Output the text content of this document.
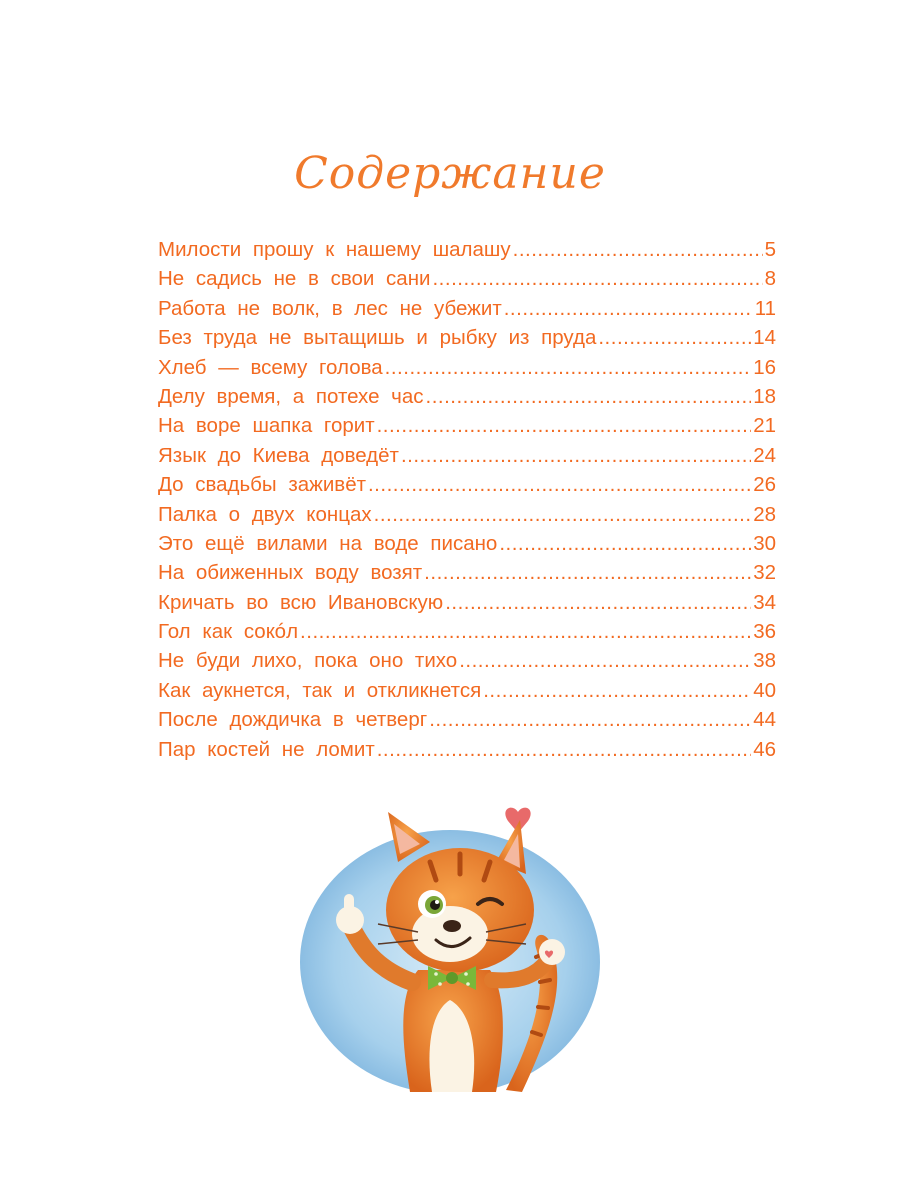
Содержание
Милости прошу к нашему шалашу .....	5
Не садись не в свои сани .....	8
Работа не волк, в лес не убежит .....	11
Без труда не вытащишь и рыбку из пруда .....	14
Хлеб — всему голова .....	16
Делу время, а потехе час .....	18
На воре шапка горит .....	21
Язык до Киева доведёт .....	24
До свадьбы заживёт .....	26
Палка о двух концах .....	28
Это ещё вилами на воде писано .....	30
На обиженных воду возят .....	32
Кричать во всю Ивановскую .....	34
Гол как сокóл .....	36
Не буди лихо, пока оно тихо .....	38
Как аукнется, так и откликнется .....	40
После дождичка в четверг .....	44
Пар костей не ломит .....	46
